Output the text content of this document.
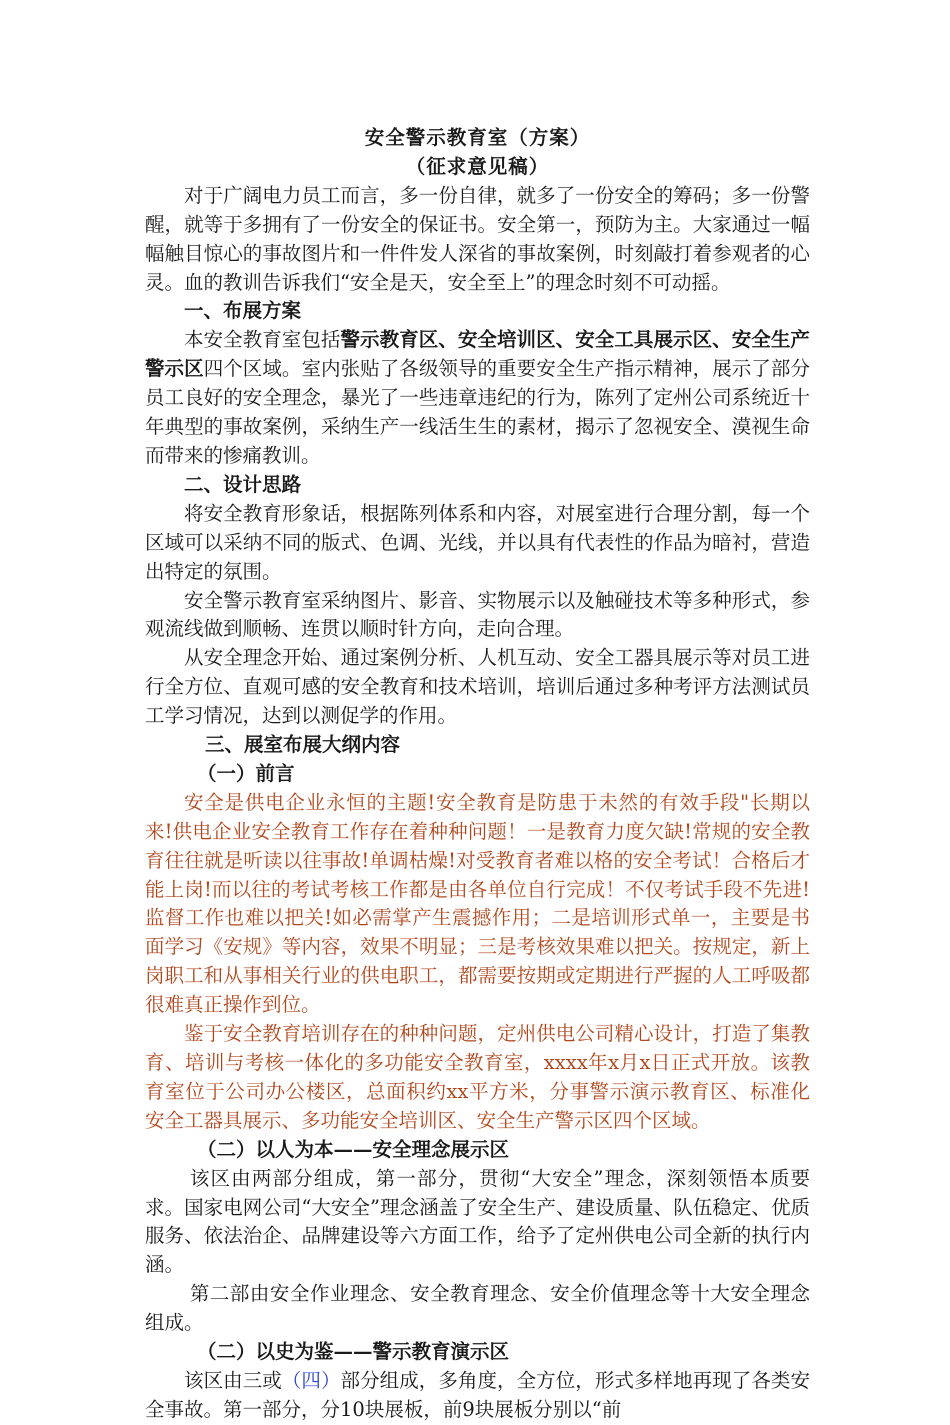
安全警示教育室（方案）

（征求意见稿）

对于广阔电力员工而言，多一份自律，就多了一份安全的筹码；多一份警醒，就等于多拥有了一份安全的保证书。安全第一，预防为主。大家通过一幅幅触目惊心的事故图片和一件件发人深省的事故案例，时刻敲打着参观者的心灵。血的教训告诉我们“安全是天，安全至上”的理念时刻不可动摇。

一、布展方案

本安全教育室包括警示教育区、安全培训区、安全工具展示区、安全生产警示区四个区域。室内张贴了各级领导的重要安全生产指示精神，展示了部分员工良好的安全理念，暴光了一些违章违纪的行为，陈列了定州公司系统近十年典型的事故案例，采纳生产一线活生生的素材，揭示了忽视安全、漠视生命而带来的惨痛教训。

二、设计思路

将安全教育形象话，根据陈列体系和内容，对展室进行合理分割，每一个区域可以采纳不同的版式、色调、光线，并以具有代表性的作品为暗衬，营造出特定的氛围。

安全警示教育室采纳图片、影音、实物展示以及触碰技术等多种形式，参观流线做到顺畅、连贯以顺时针方向，走向合理。

从安全理念开始、通过案例分析、人机互动、安全工器具展示等对员工进行全方位、直观可感的安全教育和技术培训，培训后通过多种考评方法测试员工学习情况，达到以测促学的作用。

三、展室布展大纲内容

（一）前言

安全是供电企业永恒的主题!安全教育是防患于未然的有效手段"长期以来!供电企业安全教育工作存在着种种问题！一是教育力度欠缺!常规的安全教育往往就是听读以往事故!单调枯燥!对受教育者难以格的安全考试！合格后才能上岗!而以往的考试考核工作都是由各单位自行完成！不仅考试手段不先进!监督工作也难以把关!如必需掌产生震撼作用；二是培训形式单一，主要是书面学习《安规》等内容，效果不明显；三是考核效果难以把关。按规定，新上岗职工和从事相关行业的供电职工，都需要按期或定期进行严握的人工呼吸都很难真正操作到位。

鉴于安全教育培训存在的种种问题，定州供电公司精心设计，打造了集教育、培训与考核一体化的多功能安全教育室，xxxx年x月x日正式开放。该教育室位于公司办公楼区，总面积约xx平方米，分事警示演示教育区、标准化安全工器具展示、多功能安全培训区、安全生产警示区四个区域。

（二）以人为本——安全理念展示区

该区由两部分组成，第一部分，贯彻“大安全”理念，深刻领悟本质要求。国家电网公司“大安全”理念涵盖了安全生产、建设质量、队伍稳定、优质服务、依法治企、品牌建设等六方面工作，给予了定州供电公司全新的执行内涵。

第二部由安全作业理念、安全教育理念、安全价值理念等十大安全理念组成。

（二）以史为鉴——警示教育演示区

该区由三或（四）部分组成，多角度，全方位，形式多样地再现了各类安全事故。第一部分，分10块展板，前9块展板分别以“前
